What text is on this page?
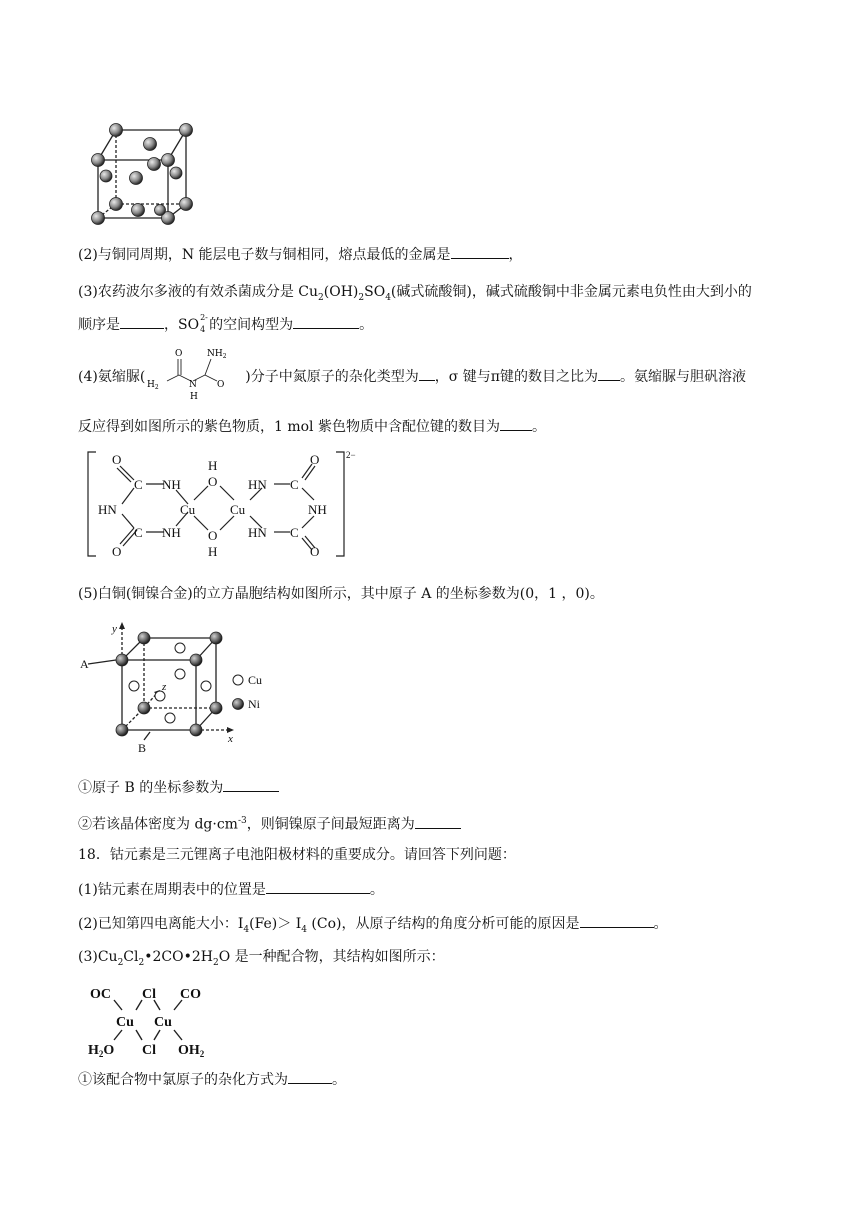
(2)与铜同周期，N 能层电子数与铜相同，熔点最低的金属是	，
(3)农药波尔多液的有效杀菌成分是 $Cu_2(OH)_2SO_4$(碱式硫酸铜)，碱式硫酸铜中非金属元素电负性由大到小的
顺序是	，SO 2-
4 的空间构型为	。
(4)氨缩脲(
O	$NH_2$
$H_2$	N
H
O )分子中氮原子的杂化类型为 ，σ 键与π键的数目之比为 。氨缩脲与胆矾溶液
反应得到如图所示的紫色物质，1 mol 紫色物质中含配位键的数目为 。
O
C NH
H
O HN C
O
HN	Cu	Cu	NH
C NH
O
HN C
O
H
O
2−
(5)白铜(铜镍合金)的立方晶胞结构如图所示，其中原子 A 的坐标参数为(0，1 ，0)。
y
x
z
A
B
Cu
Ni
①原子 B 的坐标参数为
②若该晶体密度为 $dg\cdot cm^{-3}$，则铜镍原子间最短距离为
18．钴元素是三元锂离子电池阳极材料的重要成分。请回答下列问题：
(1)钴元素在周期表中的位置是	。
(2)已知第四电离能大小：$I_4(Fe)> I_4$ (Co)，从原子结构的角度分析可能的原因是	。
$(3)Cu_2Cl_2•2CO•2H_2O$ 是一种配合物，其结构如图所示：
OC Cl CO
Cu Cu
$H_2O$ Cl $OH_2$
①该配合物中氯原子的杂化方式为	。
